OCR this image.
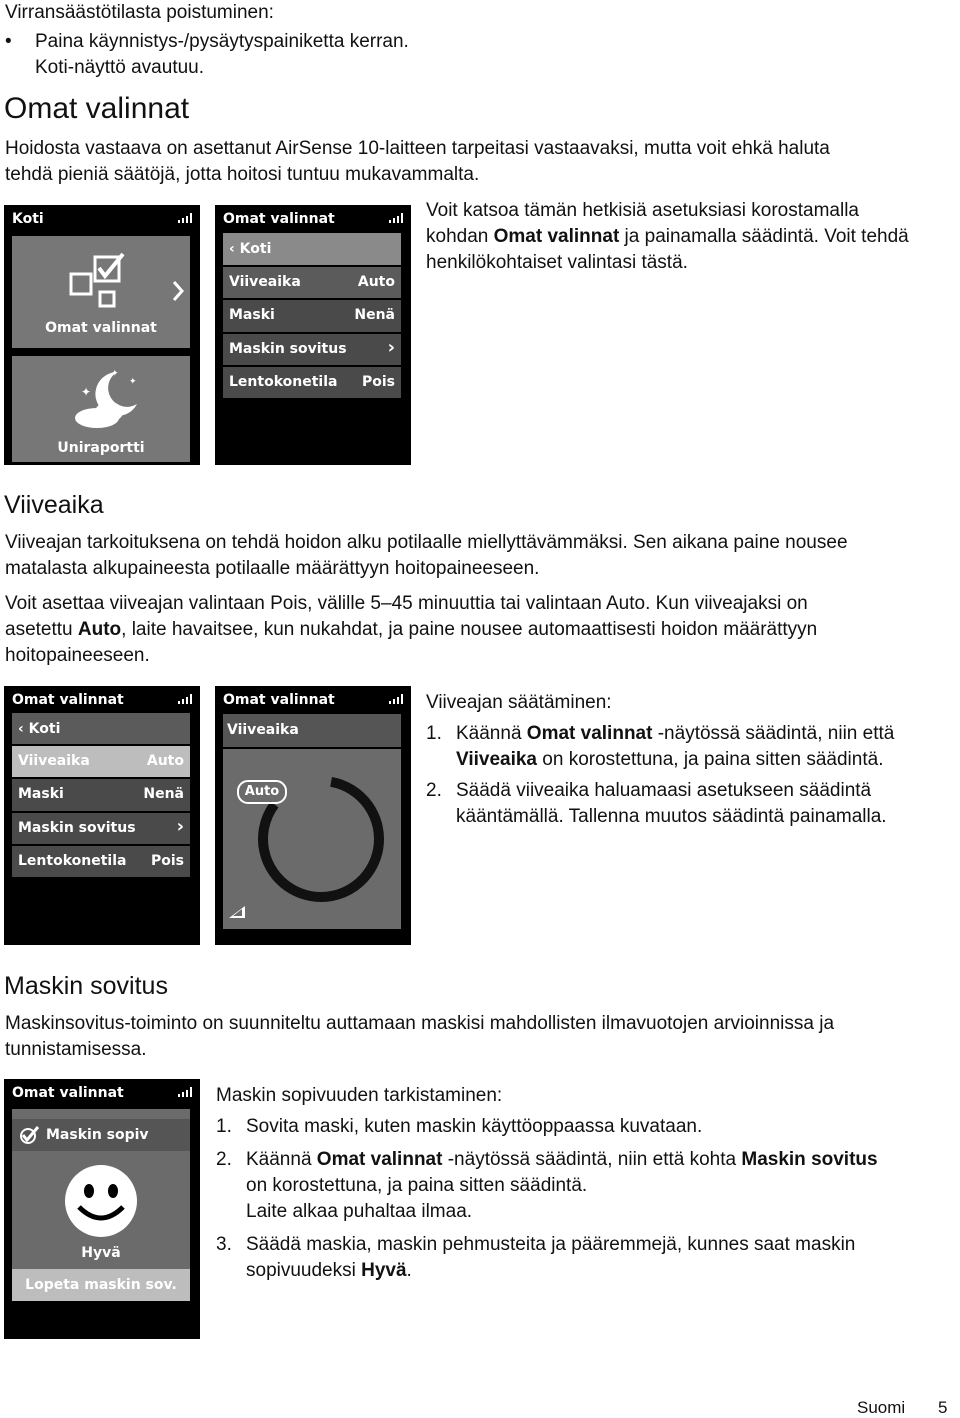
Virransäästötilasta poistuminen:
• Paina käynnistys-/pysäytyspainiketta kerran.
Koti-näyttö avautuu.
Omat valinnat
Hoidosta vastaava on asettanut AirSense 10-laitteen tarpeitasi vastaavaksi, mutta voit ehkä haluta
tehdä pieniä säätöjä, jotta hoitosi tuntuu mukavammalta.
Voit katsoa tämän hetkisiä asetuksiasi korostamalla
kohdan Omat valinnat ja painamalla säädintä. Voit tehdä
henkilökohtaiset valintasi tästä.
Koti
Omat valinnat
✦
✦
✦
Uniraportti
Omat valinnat
‹ Koti
Viiveaika	Auto
Maski	Nenä
Maskin sovitus ›
Lentokonetila Pois
Viiveaika
Viiveajan tarkoituksena on tehdä hoidon alku potilaalle miellyttävämmäksi. Sen aikana paine nousee
matalasta alkupaineesta potilaalle määrättyyn hoitopaineeseen.
Voit asettaa viiveajan valintaan Pois, välille 5–45 minuuttia tai valintaan Auto. Kun viiveajaksi on
asetettu Auto, laite havaitsee, kun nukahdat, ja paine nousee automaattisesti hoidon määrättyyn
hoitopaineeseen.
Omat valinnat
‹ Koti
Viiveaika	Auto
Maski	Nenä
Maskin sovitus ›
Lentokonetila Pois
Omat valinnat
Viiveaika
Auto
Viiveajan säätäminen:
1. Käännä Omat valinnat -näytössä säädintä, niin että
Viiveaika on korostettuna, ja paina sitten säädintä.
2. Säädä viiveaika haluamaasi asetukseen säädintä
kääntämällä. Tallenna muutos säädintä painamalla.
Maskin sovitus
Maskinsovitus-toiminto on suunniteltu auttamaan maskisi mahdollisten ilmavuotojen arvioinnissa ja
tunnistamisessa.
Omat valinnat
Maskin sopiv
Hyvä
Lopeta maskin sov.
Maskin sopivuuden tarkistaminen:
1. Sovita maski, kuten maskin käyttöoppaassa kuvataan.
2. Käännä Omat valinnat -näytössä säädintä, niin että kohta Maskin sovitus
on korostettuna, ja paina sitten säädintä.
Laite alkaa puhaltaa ilmaa.
3. Säädä maskia, maskin pehmusteita ja pääremmejä, kunnes saat maskin
sopivuudeksi Hyvä.
Suomi 5
